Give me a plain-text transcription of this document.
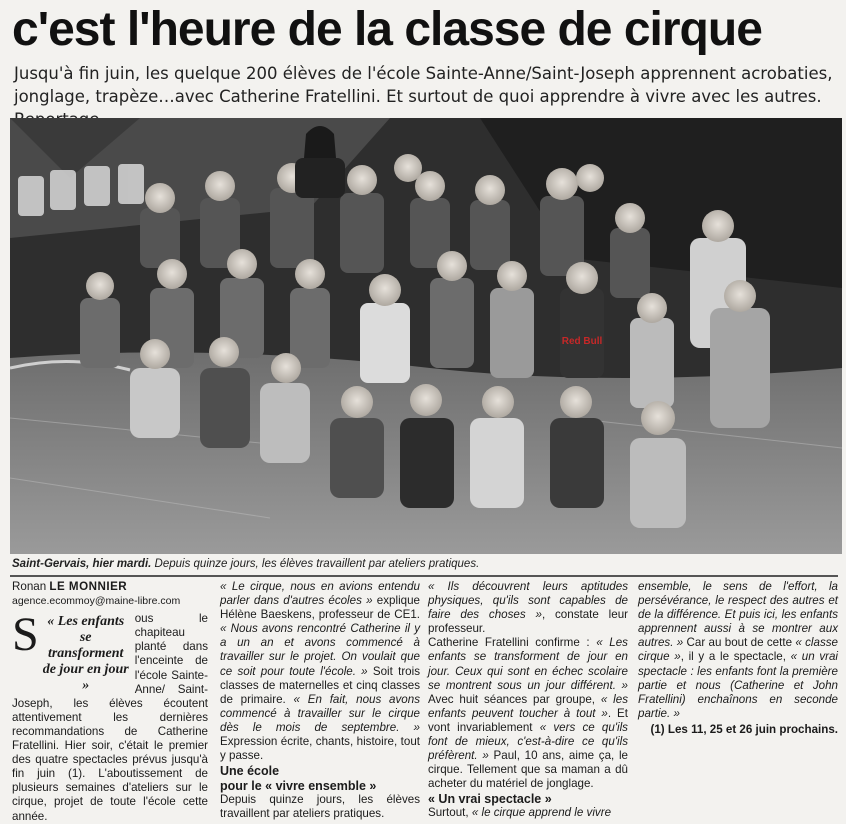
c'est l'heure de la classe de cirque
Jusqu'à fin juin, les quelque 200 élèves de l'école Sainte-Anne/Saint-Joseph apprennent acrobaties, jonglage, trapèze…avec Catherine Fratellini. Et surtout de quoi apprendre à vivre avec les autres.
Red Bull
Saint-Gervais, hier mardi. Depuis quinze jours, les élèves travaillent par ateliers pratiques.
Ronan LE MONNIER
agence.ecommoy@maine-libre.com

S « Les enfants se transforment de jour en jour »
ous le chapiteau planté dans l'enceinte de l'école Sainte-Anne/ Saint-Joseph, les élèves écoutent attentivement les dernières recommandations de Catherine Fratellini. Hier soir, c'était le premier des quatre spectacles prévus jusqu'à fin juin (1). L'aboutissement de plusieurs semaines d'ateliers sur le cirque, projet de toute l'école cette année.

« Le cirque, nous en avions entendu parler dans d'autres écoles » explique Hélène Baeskens, professeur de CE1. « Nous avons rencontré Catherine il y a un an et avons commencé à travailler sur le projet. On voulait que ce soit pour toute l'école. » Soit trois classes de maternelles et cinq classes de primaire. « En fait, nous avons commencé à travailler sur le cirque dès le mois de septembre. » Expression écrite, chants, histoire, tout y passe.

Une école
pour le « vivre ensemble »

Depuis quinze jours, les élèves travaillent par ateliers pratiques.

« Ils découvrent leurs aptitudes physiques, qu'ils sont capables de faire des choses », constate leur professeur.

Catherine Fratellini confirme : « Les enfants se transforment de jour en jour. Ceux qui sont en échec scolaire se montrent sous un jour différent. » Avec huit séances par groupe, « les enfants peuvent toucher à tout ». Et vont invariablement « vers ce qu'ils font de mieux, c'est-à-dire ce qu'ils préfèrent. » Paul, 10 ans, aime ça, le cirque. Tellement que sa maman a dû acheter du matériel de jonglage.

« Un vrai spectacle »

Surtout, « le cirque apprend le vivre

ensemble, le sens de l'effort, la persévérance, le respect des autres et de la différence. Et puis ici, les enfants apprennent aussi à se montrer aux autres. » Car au bout de cette « classe cirque », il y a le spectacle, « un vrai spectacle : les enfants font la première partie et nous (Catherine et John Fratellini) enchaînons en seconde partie. »

(1) Les 11, 25 et 26 juin prochains.
